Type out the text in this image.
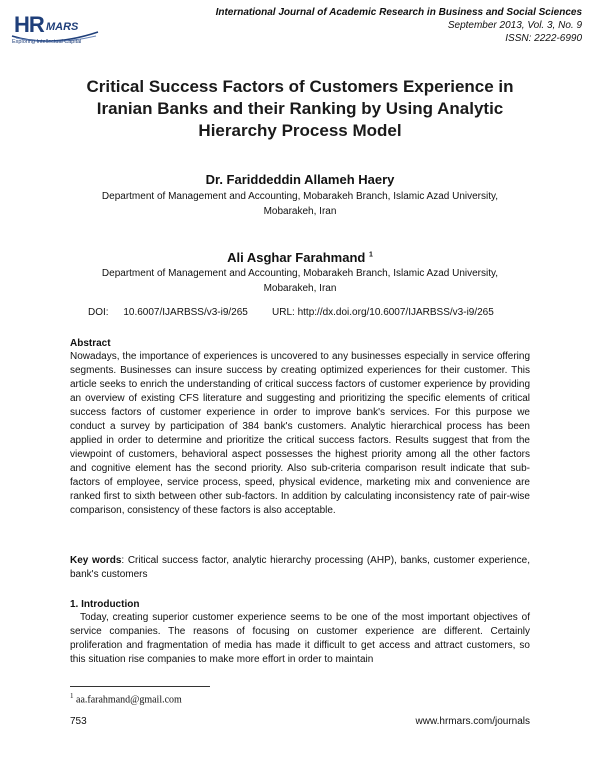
HR MARS
Exploring Intellectual Capital
International Journal of Academic Research in Business and Social Sciences
September 2013, Vol. 3, No. 9
ISSN: 2222-6990
Critical Success Factors of Customers Experience in Iranian Banks and their Ranking by Using Analytic Hierarchy Process Model
Dr. Fariddeddin Allameh Haery
Department of Management and Accounting, Mobarakeh Branch, Islamic Azad University, Mobarakeh, Iran
Ali Asghar Farahmand $^1$
Department of Management and Accounting, Mobarakeh Branch, Islamic Azad University, Mobarakeh, Iran
DOI: 10.6007/IJARBSS/v3-i9/265 URL: http://dx.doi.org/10.6007/IJARBSS/v3-i9/265
Abstract
Nowadays, the importance of experiences is uncovered to any businesses especially in service offering segments. Businesses can insure success by creating optimized experiences for their customer. This article seeks to enrich the understanding of critical success factors of customer experience by providing an overview of existing CFS literature and suggesting and prioritizing the specific elements of critical success factors of customer experience in order to improve bank's services. For this purpose we conduct a survey by participation of 384 bank's customers. Analytic hierarchical process has been applied in order to determine and prioritize the critical success factors. Results suggest that from the viewpoint of customers, behavioral aspect possesses the highest priority among all the other factors and cognitive element has the second priority. Also sub-criteria comparison result indicate that sub-factors of employee, service process, speed, physical evidence, marketing mix and convenience are ranked first to sixth between other sub-factors. In addition by calculating inconsistency rate of pair-wise comparison, consistency of these factors is also acceptable.
Key words: Critical success factor, analytic hierarchy processing (AHP), banks, customer experience, bank's customers
1. Introduction
Today, creating superior customer experience seems to be one of the most important objectives of service companies. The reasons of focusing on customer experience are different. Certainly proliferation and fragmentation of media has made it difficult to get access and attract customers, so this situation rise companies to make more effort in order to maintain
$^1$ aa.farahmand@gmail.com
753	www.hrmars.com/journals
